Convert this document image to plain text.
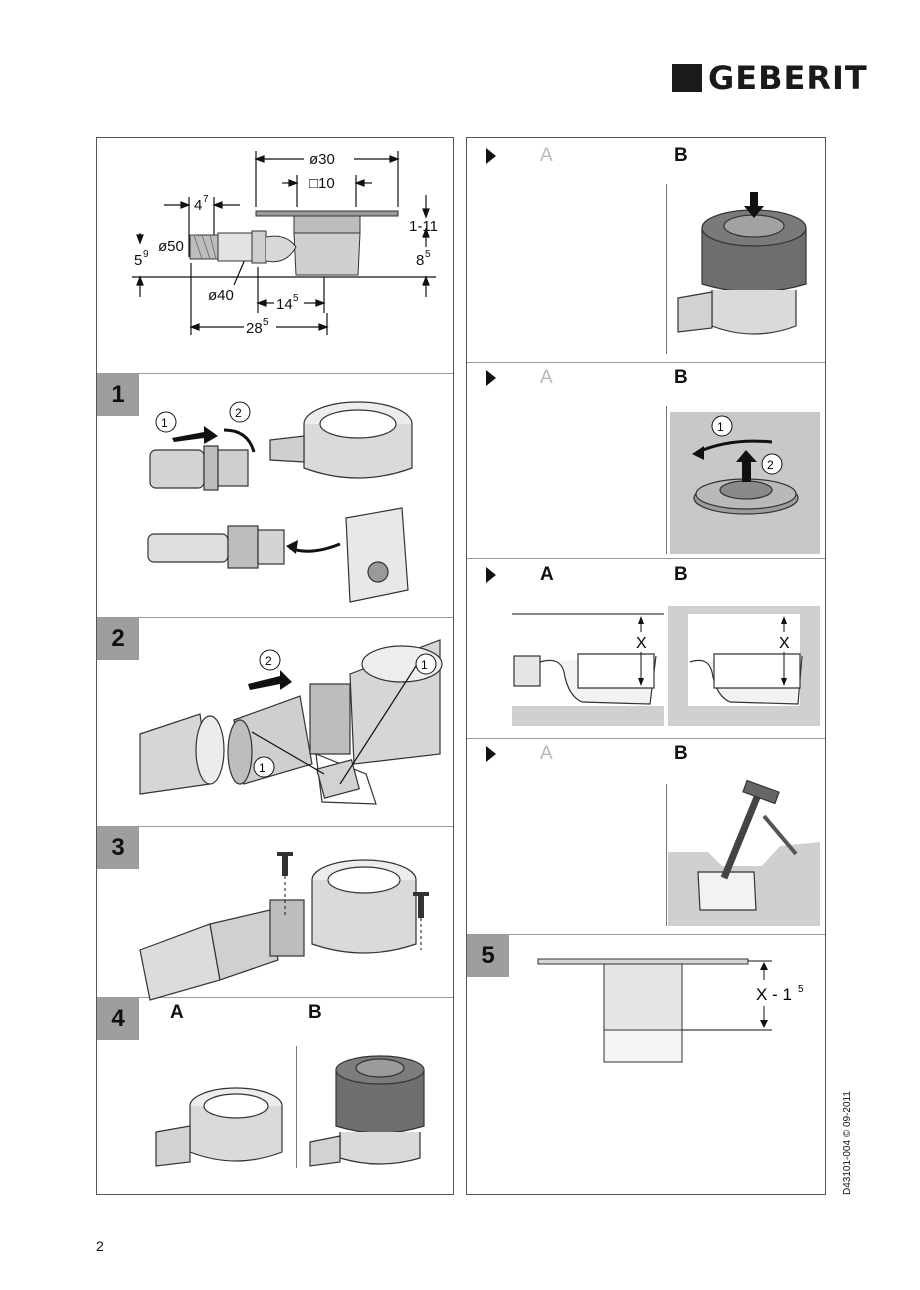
GEBERIT
ø30
□10
4 7
1-11
ø50
5 9	8 5
ø40
14 5
28 5
1
1
2
2
2
1
1
3
4	A	B
A	B
A	B
1
2
A	B
X	X
A	B
5
X - 1 5
2
D43101-004 © 09-2011
